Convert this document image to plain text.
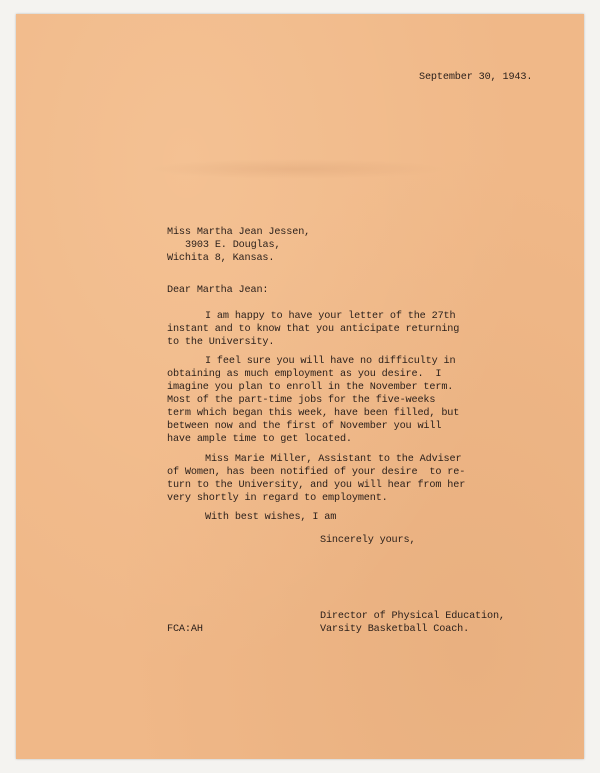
September 30, 1943.
Miss Martha Jean Jessen,
3903 E. Douglas,
Wichita 8, Kansas.
Dear Martha Jean:
I am happy to have your letter of the 27th
instant and to know that you anticipate returning
to the University.
I feel sure you will have no difficulty in
obtaining as much employment as you desire.  I
imagine you plan to enroll in the November term.
Most of the part-time jobs for the five-weeks
term which began this week, have been filled, but
between now and the first of November you will
have ample time to get located.
Miss Marie Miller, Assistant to the Adviser
of Women, has been notified of your desire  to re-
turn to the University, and you will hear from her
very shortly in regard to employment.
With best wishes, I am
Sincerely yours,
Director of Physical Education,
Varsity Basketball Coach.
FCA:AH
